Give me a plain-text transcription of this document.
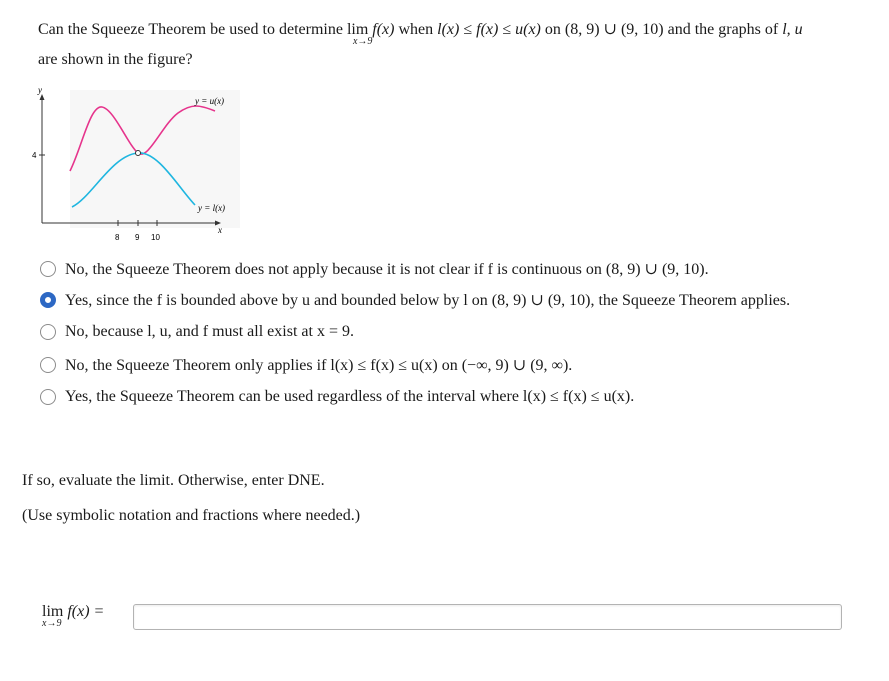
Can the Squeeze Theorem be used to determine lim
x→9
f(x) when l(x) ≤ f(x) ≤ u(x) on (8, 9) ∪ (9, 10) and the graphs of l, u
are shown in the figure?
y
4
x
8 9 10
y = u(x)
y = l(x)
No, the Squeeze Theorem does not apply because it is not clear if f is continuous on (8, 9) ∪ (9, 10).
Yes, since the f is bounded above by u and bounded below by l on (8, 9) ∪ (9, 10), the Squeeze Theorem applies.
No, because l, u, and f must all exist at x = 9.
No, the Squeeze Theorem only applies if l(x) ≤ f(x) ≤ u(x) on (−∞, 9) ∪ (9, ∞).
Yes, the Squeeze Theorem can be used regardless of the interval where l(x) ≤ f(x) ≤ u(x).
If so, evaluate the limit. Otherwise, enter DNE.
(Use symbolic notation and fractions where needed.)
lim
x→9
f(x) =
